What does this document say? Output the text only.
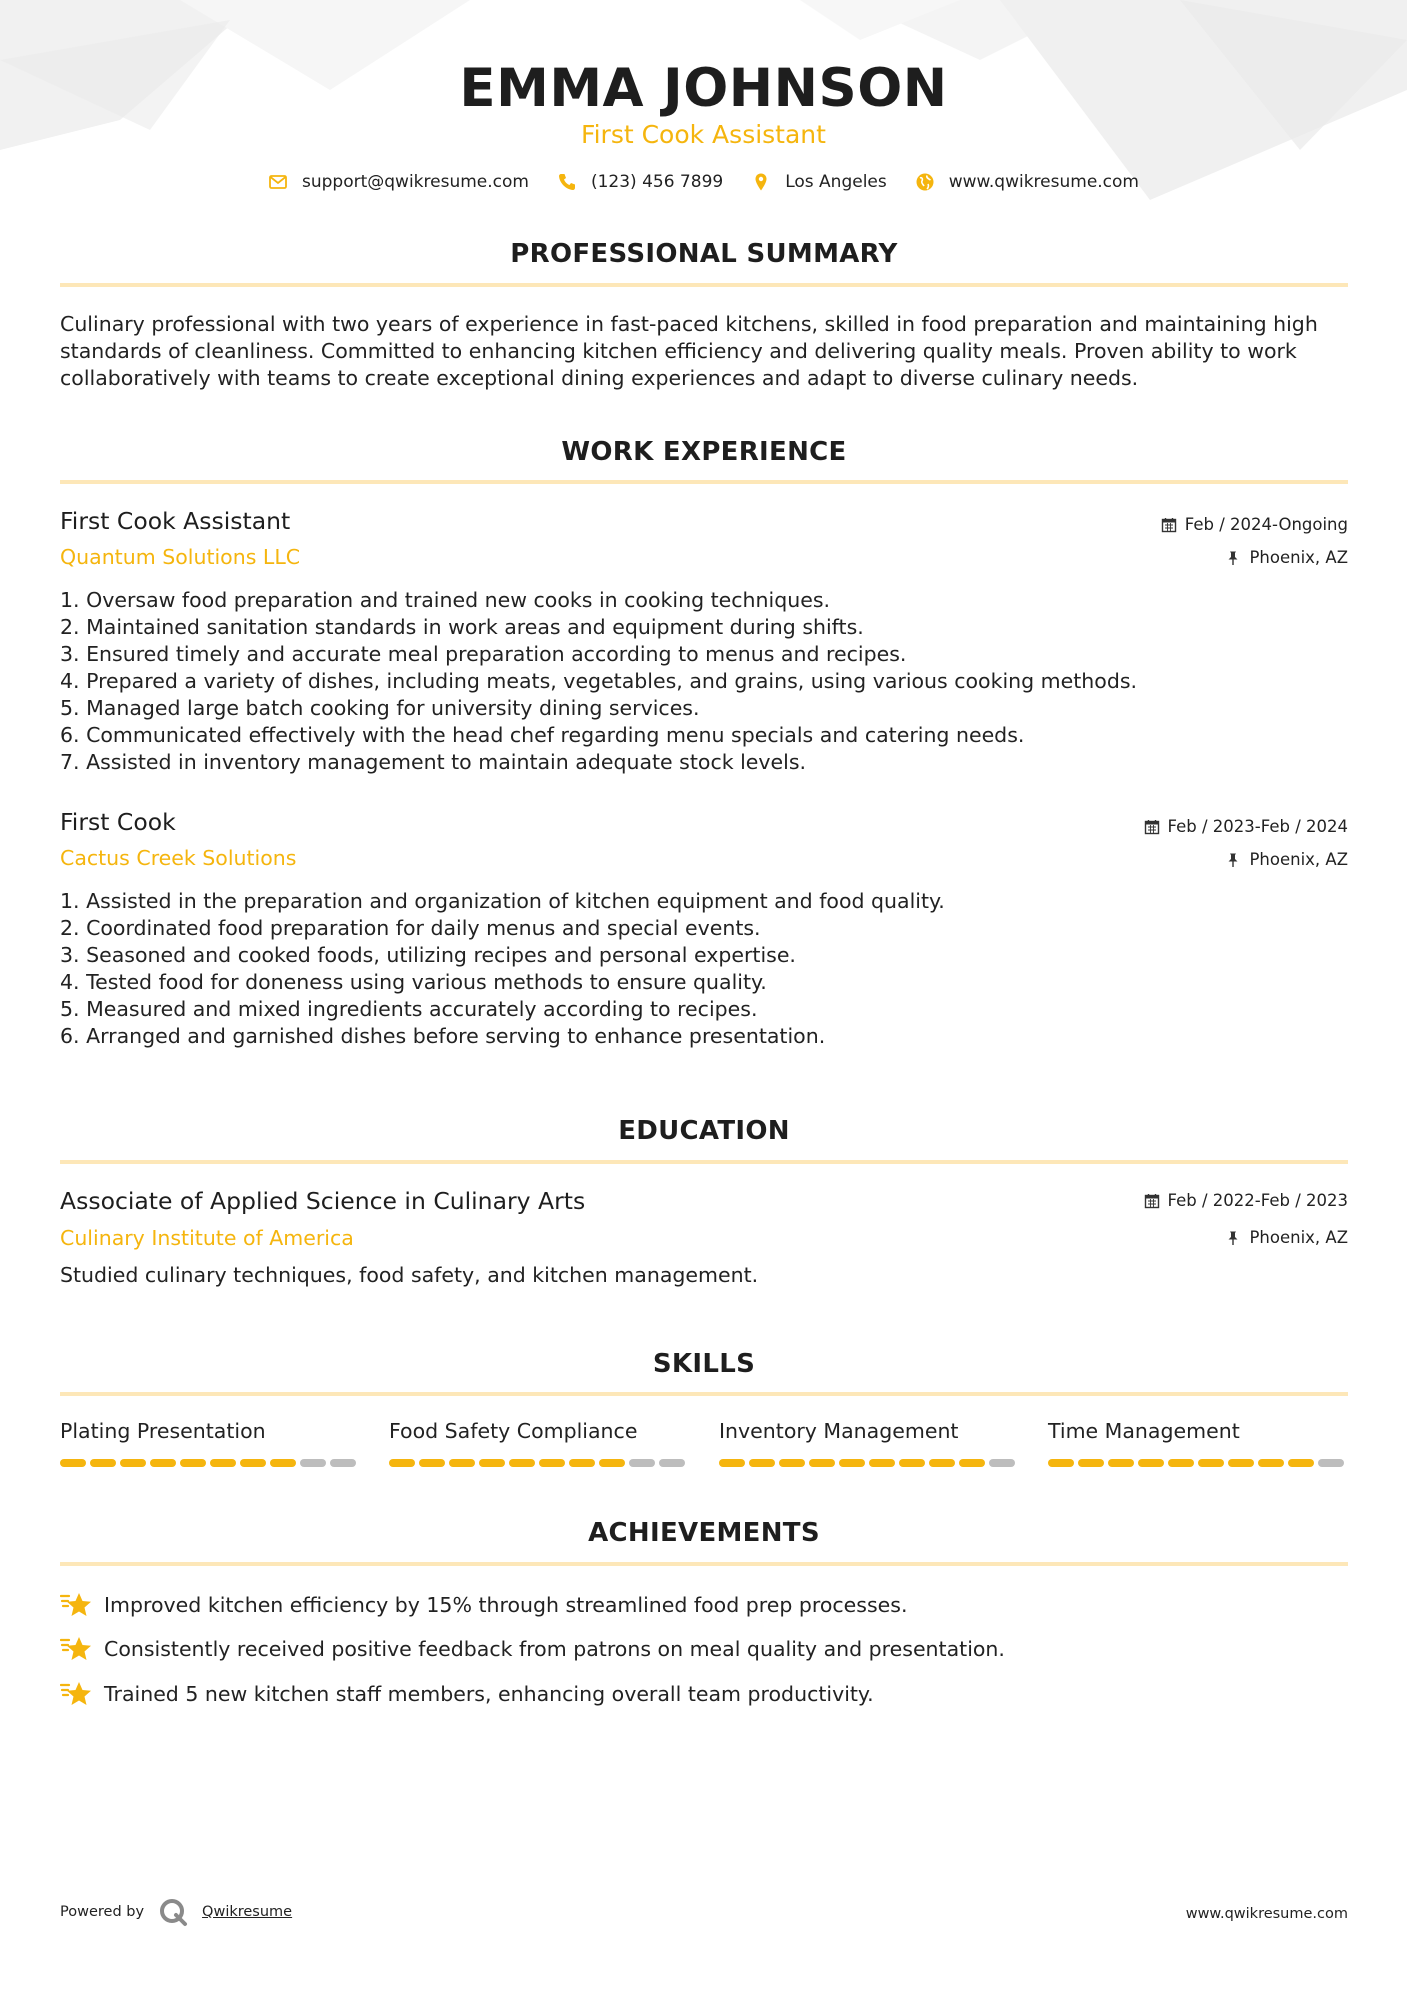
EMMA JOHNSON
First Cook Assistant
support@qwikresume.com	(123) 456 7899	Los Angeles	www.qwikresume.com
PROFESSIONAL SUMMARY
Culinary professional with two years of experience in fast-paced kitchens, skilled in food preparation and maintaining high
standards of cleanliness. Committed to enhancing kitchen efficiency and delivering quality meals. Proven ability to work
collaboratively with teams to create exceptional dining experiences and adapt to diverse culinary needs.
WORK EXPERIENCE
First Cook Assistant	Feb / 2024-Ongoing
Quantum Solutions LLC	Phoenix, AZ
1. Oversaw food preparation and trained new cooks in cooking techniques.
2. Maintained sanitation standards in work areas and equipment during shifts.
3. Ensured timely and accurate meal preparation according to menus and recipes.
4. Prepared a variety of dishes, including meats, vegetables, and grains, using various cooking methods.
5. Managed large batch cooking for university dining services.
6. Communicated effectively with the head chef regarding menu specials and catering needs.
7. Assisted in inventory management to maintain adequate stock levels.
First Cook	Feb / 2023-Feb / 2024
Cactus Creek Solutions	Phoenix, AZ
1. Assisted in the preparation and organization of kitchen equipment and food quality.
2. Coordinated food preparation for daily menus and special events.
3. Seasoned and cooked foods, utilizing recipes and personal expertise.
4. Tested food for doneness using various methods to ensure quality.
5. Measured and mixed ingredients accurately according to recipes.
6. Arranged and garnished dishes before serving to enhance presentation.
EDUCATION
Associate of Applied Science in Culinary Arts	Feb / 2022-Feb / 2023
Culinary Institute of America	Phoenix, AZ
Studied culinary techniques, food safety, and kitchen management.
SKILLS
Plating Presentation	Food Safety Compliance	Inventory Management	Time Management
ACHIEVEMENTS
Improved kitchen efficiency by 15% through streamlined food prep processes.
Consistently received positive feedback from patrons on meal quality and presentation.
Trained 5 new kitchen staff members, enhancing overall team productivity.
Powered by	Qwikresume	www.qwikresume.com
